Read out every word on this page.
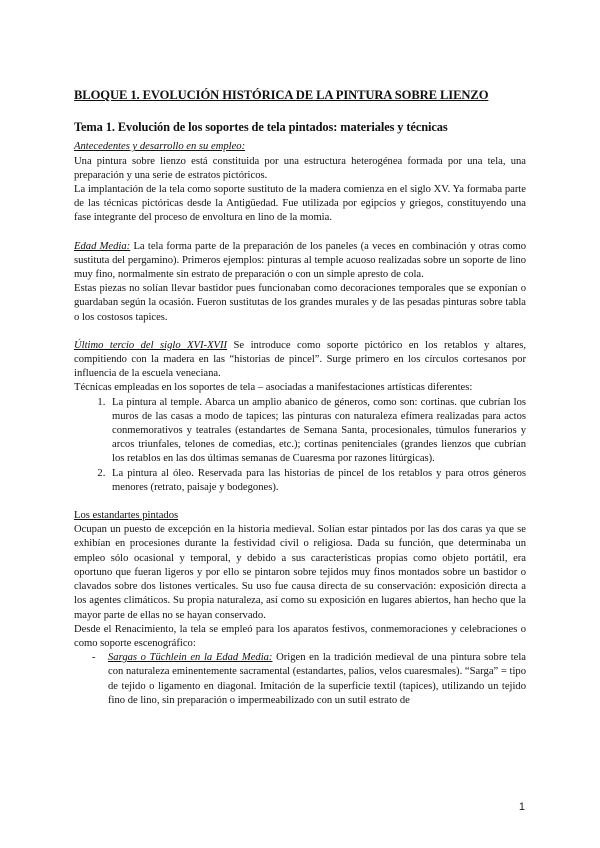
BLOQUE 1. EVOLUCIÓN HISTÓRICA DE LA PINTURA SOBRE LIENZO
Tema 1. Evolución de los soportes de tela pintados: materiales y técnicas

Antecedentes y desarrollo en su empleo:

Una pintura sobre lienzo está constituida por una estructura heterogénea formada por una tela, una preparación y una serie de estratos pictóricos.

La implantación de la tela como soporte sustituto de la madera comienza en el siglo XV. Ya formaba parte de las técnicas pictóricas desde la Antigüedad. Fue utilizada por egipcios y griegos, constituyendo una fase integrante del proceso de envoltura en lino de la momia.

Edad Media: La tela forma parte de la preparación de los paneles (a veces en combinación y otras como sustituta del pergamino). Primeros ejemplos: pinturas al temple acuoso realizadas sobre un soporte de lino muy fino, normalmente sin estrato de preparación o con un simple apresto de cola.

Estas piezas no solían llevar bastidor pues funcionaban como decoraciones temporales que se exponían o guardaban según la ocasión. Fueron sustitutas de los grandes murales y de las pesadas pinturas sobre tabla o los costosos tapices.

Último tercio del siglo XVI-XVII Se introduce como soporte pictórico en los retablos y altares, compitiendo con la madera en las “historias de pincel”. Surge primero en los círculos cortesanos por influencia de la escuela veneciana.

Técnicas empleadas en los soportes de tela – asociadas a manifestaciones artísticas diferentes:

1. La pintura al temple. Abarca un amplio abanico de géneros, como son: cortinas. que cubrían los muros de las casas a modo de tapices; las pinturas con naturaleza efímera realizadas para actos conmemorativos y teatrales (estandartes de Semana Santa, procesionales, túmulos funerarios y arcos triunfales, telones de comedias, etc.); cortinas penitenciales (grandes lienzos que cubrían los retablos en las dos últimas semanas de Cuaresma por razones litúrgicas).
2. La pintura al óleo. Reservada para las historias de pincel de los retablos y para otros géneros menores (retrato, paisaje y bodegones).

Los estandartes pintados

Ocupan un puesto de excepción en la historia medieval. Solían estar pintados por las dos caras ya que se exhibían en procesiones durante la festividad civil o religiosa. Dada su función, que determinaba un empleo sólo ocasional y temporal, y debido a sus características propias como objeto portátil, era oportuno que fueran ligeros y por ello se pintaron sobre tejidos muy finos montados sobre un bastidor o clavados sobre dos listones verticales. Su uso fue causa directa de su conservación: exposición directa a los agentes climáticos. Su propia naturaleza, así como su exposición en lugares abiertos, han hecho que la mayor parte de ellas no se hayan conservado.

Desde el Renacimiento, la tela se empleó para los aparatos festivos, conmemoraciones y celebraciones o como soporte escenográfico:

- Sargas o Tüchlein en la Edad Media: Origen en la tradición medieval de una pintura sobre tela con naturaleza eminentemente sacramental (estandartes, palios, velos cuaresmales). “Sarga” = tipo de tejido o ligamento en diagonal. Imitación de la superficie textil (tapices), utilizando un tejido fino de lino, sin preparación o impermeabilizado con un sutil estrato de
1
